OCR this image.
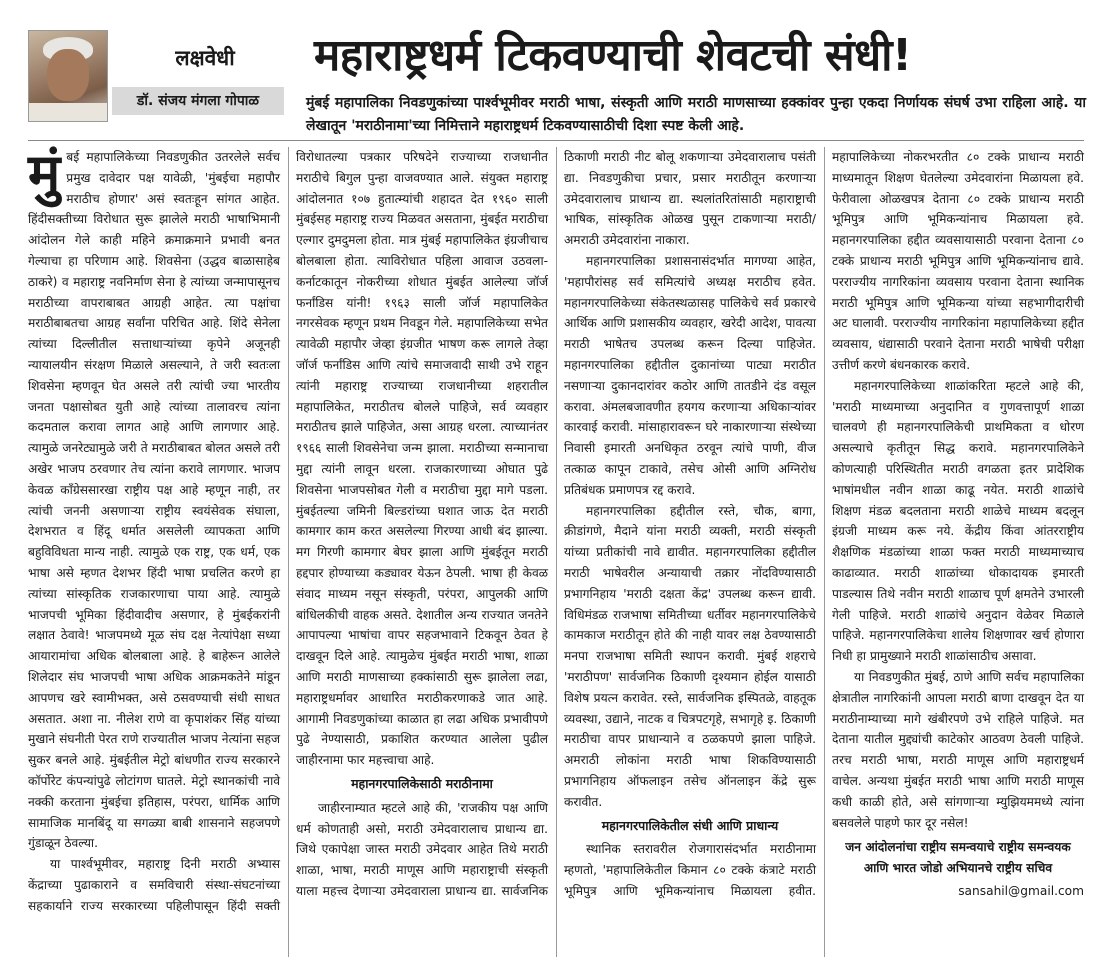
लक्षवेधी
डॉ. संजय मंगला गोपाळ
महाराष्ट्रधर्म टिकवण्याची शेवटची संधी!
मुंबई महापालिका निवडणुकांच्या पार्श्वभूमीवर मराठी भाषा, संस्कृती आणि मराठी माणसाच्या हक्कांवर पुन्हा एकदा निर्णायक संघर्ष उभा राहिला आहे. या लेखातून 'मराठीनामा'च्या निमित्ताने महाराष्ट्रधर्म टिकवण्यासाठीची दिशा स्पष्ट केली आहे.

मुंबई महापालिकेच्या निवडणुकीत उतरलेले सर्वच प्रमुख दावेदार पक्ष यावेळी, 'मुंबईचा महापौर मराठीच होणार' असं स्वतःहून सांगत आहेत. हिंदीसक्तीच्या विरोधात सुरू झालेले मराठी भाषाभिमानी आंदोलन गेले काही महिने क्रमाक्रमाने प्रभावी बनत गेल्याचा हा परिणाम आहे. शिवसेना (उद्धव बाळासाहेब ठाकरे) व महाराष्ट्र नवनिर्माण सेना हे त्यांच्या जन्मापासूनच मराठीच्या वापराबाबत आग्रही आहेत. त्या पक्षांचा मराठीबाबतचा आग्रह सर्वांना परिचित आहे. शिंदे सेनेला त्यांच्या दिल्लीतील सत्ताधाऱ्यांच्या कृपेने अजूनही न्यायालयीन संरक्षण मिळाले असल्याने, ते जरी स्वतःला शिवसेना म्हणवून घेत असले तरी त्यांची ज्या भारतीय जनता पक्षासोबत युती आहे त्यांच्या तालावरच त्यांना कदमताल करावा लागत आहे आणि लागणार आहे. त्यामुळे जनरेट्यामुळे जरी ते मराठीबाबत बोलत असले तरी अखेर भाजप ठरवणार तेच त्यांना करावे लागणार. भाजप केवळ काँग्रेससारखा राष्ट्रीय पक्ष आहे म्हणून नाही, तर त्यांची जननी असणाऱ्या राष्ट्रीय स्वयंसेवक संघाला, देशभरात व हिंदू धर्मात असलेली व्यापकता आणि बहुविविधता मान्य नाही. त्यामुळे एक राष्ट्र, एक धर्म, एक भाषा असे म्हणत देशभर हिंदी भाषा प्रचलित करणे हा त्यांच्या सांस्कृतिक राजकारणाचा पाया आहे. त्यामुळे भाजपची भूमिका हिंदीवादीच असणार, हे मुंबईकरांनी लक्षात ठेवावे! भाजपमध्ये मूळ संघ दक्ष नेत्यांपेक्षा सध्या आयारामांचा अधिक बोलबाला आहे. हे बाहेरून आलेले शिलेदार संघ भाजपची भाषा अधिक आक्रमकतेने मांडून आपणच खरे स्वामीभक्त, असे ठसवण्याची संधी साधत असतात. अशा ना. नीलेश राणे वा कृपाशंकर सिंह यांच्या मुखाने संघनीती पेरत राणे राज्यातील भाजप नेत्यांना सहज सुकर बनले आहे. मुंबईतील मेट्रो बांधणीत राज्य सरकारने कॉर्पोरेट कंपन्यांपुढे लोटांगण घातले. मेट्रो स्थानकांची नावे नक्की करताना मुंबईचा इतिहास, परंपरा, धार्मिक आणि सामाजिक मानबिंदू या सगळ्या बाबी शासनाने सहजपणे गुंडाळून ठेवल्या.

या पार्श्वभूमीवर, महाराष्ट्र दिनी मराठी अभ्यास केंद्राच्या पुढाकाराने व समविचारी संस्था-संघटनांच्या सहकार्याने राज्य सरकारच्या पहिलीपासून हिंदी सक्ती विरोधातल्या पत्रकार परिषदेने राज्याच्या राजधानीत मराठीचे बिगुल पुन्हा वाजवण्यात आले. संयुक्त महाराष्ट्र आंदोलनात १०७ हुतात्म्यांची शहादत देत १९६० साली मुंबईसह महाराष्ट्र राज्य मिळवत असताना, मुंबईत मराठीचा एल्गार दुमदुमला होता. मात्र मुंबई महापालिकेत इंग्रजीचाच बोलबाला होता. त्याविरोधात पहिला आवाज उठवला- कर्नाटकातून नोकरीच्या शोधात मुंबईत आलेल्या जॉर्ज फर्नांडिस यांनी! १९६३ साली जॉर्ज महापालिकेत नगरसेवक म्हणून प्रथम निवडून गेले. महापालिकेच्या सभेत त्यावेळी महापौर जेव्हा इंग्रजीत भाषण करू लागले तेव्हा जॉर्ज फर्नांडिस आणि त्यांचे समाजवादी साथी उभे राहून त्यांनी महाराष्ट्र राज्याच्या राजधानीच्या शहरातील महापालिकेत, मराठीतच बोलले पाहिजे, सर्व व्यवहार मराठीतच झाले पाहिजेत, असा आग्रह धरला. त्याच्यानंतर १९६६ साली शिवसेनेचा जन्म झाला. मराठीच्या सन्मानाचा मुद्दा त्यांनी लावून धरला. राजकारणाच्या ओघात पुढे शिवसेना भाजपसोबत गेली व मराठीचा मुद्दा मागे पडला. मुंबईतल्या जमिनी बिल्डरांच्या घशात जाऊ देत मराठी कामगार काम करत असलेल्या गिरण्या आधी बंद झाल्या. मग गिरणी कामगार बेघर झाला आणि मुंबईतून मराठी हद्दपार होण्याच्या कड्यावर येऊन ठेपली. भाषा ही केवळ संवाद माध्यम नसून संस्कृती, परंपरा, आपुलकी आणि बांधिलकीची वाहक असते. देशातील अन्य राज्यात जनतेने आपापल्या भाषांचा वापर सहजभावाने टिकवून ठेवत हे दाखवून दिले आहे. त्यामुळेच मुंबईत मराठी भाषा, शाळा आणि मराठी माणसाच्या हक्कांसाठी सुरू झालेला लढा, महाराष्ट्रधर्मावर आधारित मराठीकरणाकडे जात आहे. आगामी निवडणुकांच्या काळात हा लढा अधिक प्रभावीपणे पुढे नेण्यासाठी, प्रकाशित करण्यात आलेला पुढील जाहीरनामा फार महत्त्वाचा आहे.

महानगरपालिकेसाठी मराठीनामा

जाहीरनाम्यात म्हटले आहे की, 'राजकीय पक्ष आणि धर्म कोणताही असो, मराठी उमेदवारालाच प्राधान्य द्या. जिथे एकापेक्षा जास्त मराठी उमेदवार आहेत तिथे मराठी शाळा, भाषा, मराठी माणूस आणि महाराष्ट्राची संस्कृती याला महत्त्व देणाऱ्या उमेदवाराला प्राधान्य द्या. सार्वजनिक ठिकाणी मराठी नीट बोलू शकणाऱ्या उमेदवारालाच पसंती द्या. निवडणुकीचा प्रचार, प्रसार मराठीतून करणाऱ्या उमेदवारालाच प्राधान्य द्या. स्थलांतरितांसाठी महाराष्ट्राची भाषिक, सांस्कृतिक ओळख पुसून टाकणाऱ्या मराठी/अमराठी उमेदवारांना नाकारा.

महानगरपालिका प्रशासनासंदर्भात मागण्या आहेत, 'महापौरांसह सर्व समित्यांचे अध्यक्ष मराठीच हवेत. महानगरपालिकेच्या संकेतस्थळासह पालिकेचे सर्व प्रकारचे आर्थिक आणि प्रशासकीय व्यवहार, खरेदी आदेश, पावत्या मराठी भाषेतच उपलब्ध करून दिल्या पाहिजेत. महानगरपालिका हद्दीतील दुकानांच्या पाट्या मराठीत नसणाऱ्या दुकानदारांवर कठोर आणि तातडीने दंड वसूल करावा. अंमलबजावणीत हयगय करणाऱ्या अधिकाऱ्यांवर कारवाई करावी. मांसाहारावरून घरे नाकारणाऱ्या संस्थेच्या निवासी इमारती अनधिकृत ठरवून त्यांचे पाणी, वीज तत्काळ कापून टाकावे, तसेच ओसी आणि अग्निरोध प्रतिबंधक प्रमाणपत्र रद्द करावे.

महानगरपालिका हद्दीतील रस्ते, चौक, बागा, क्रीडांगणे, मैदाने यांना मराठी व्यक्ती, मराठी संस्कृती यांच्या प्रतीकांची नावे द्यावीत. महानगरपालिका हद्दीतील मराठी भाषेवरील अन्यायाची तक्रार नोंदविण्यासाठी प्रभागनिहाय 'मराठी दक्षता केंद्र' उपलब्ध करून द्यावी. विधिमंडळ राजभाषा समितीच्या धर्तीवर महानगरपालिकेचे कामकाज मराठीतून होते की नाही यावर लक्ष ठेवण्यासाठी मनपा राजभाषा समिती स्थापन करावी. मुंबई शहराचे 'मराठीपण' सार्वजनिक ठिकाणी दृश्यमान होईल यासाठी विशेष प्रयत्न करावेत. रस्ते, सार्वजनिक इस्पितळे, वाहतूक व्यवस्था, उद्याने, नाटक व चित्रपटगृहे, सभागृहे इ. ठिकाणी मराठीचा वापर प्राधान्याने व ठळकपणे झाला पाहिजे. अमराठी लोकांना मराठी भाषा शिकविण्यासाठी प्रभागनिहाय ऑफलाइन तसेच ऑनलाइन केंद्रे सुरू करावीत.

महानगरपालिकेतील संधी आणि प्राधान्य

स्थानिक स्तरावरील रोजगारासंदर्भात मराठीनामा म्हणतो, 'महापालिकेतील किमान ८० टक्के कंत्राटे मराठी भूमिपुत्र आणि भूमिकन्यांनाच मिळायला हवीत. महापालिकेच्या नोकरभरतीत ८० टक्के प्राधान्य मराठी माध्यमातून शिक्षण घेतलेल्या उमेदवारांना मिळायला हवे. फेरीवाला ओळखपत्र देताना ८० टक्के प्राधान्य मराठी भूमिपुत्र आणि भूमिकन्यांनाच मिळायला हवे. महानगरपालिका हद्दीत व्यवसायासाठी परवाना देताना ८० टक्के प्राधान्य मराठी भूमिपुत्र आणि भूमिकन्यांनाच द्यावे. परराज्यीय नागरिकांना व्यवसाय परवाना देताना स्थानिक मराठी भूमिपुत्र आणि भूमिकन्या यांच्या सहभागीदारीची अट घालावी. परराज्यीय नागरिकांना महापालिकेच्या हद्दीत व्यवसाय, धंद्यासाठी परवाने देताना मराठी भाषेची परीक्षा उत्तीर्ण करणे बंधनकारक करावे.

महानगरपालिकेच्या शाळांकरिता म्हटले आहे की, 'मराठी माध्यमाच्या अनुदानित व गुणवत्तापूर्ण शाळा चालवणे ही महानगरपालिकेची प्राथमिकता व धोरण असल्याचे कृतीतून सिद्ध करावे. महानगरपालिकेने कोणत्याही परिस्थितीत मराठी वगळता इतर प्रादेशिक भाषांमधील नवीन शाळा काढू नयेत. मराठी शाळांचे शिक्षण मंडळ बदलताना मराठी शाळेचे माध्यम बदलून इंग्रजी माध्यम करू नये. केंद्रीय किंवा आंतरराष्ट्रीय शैक्षणिक मंडळांच्या शाळा फक्त मराठी माध्यमाच्याच काढाव्यात. मराठी शाळांच्या धोकादायक इमारती पाडल्यास तिथे नवीन मराठी शाळाच पूर्ण क्षमतेने उभारली गेली पाहिजे. मराठी शाळांचे अनुदान वेळेवर मिळाले पाहिजे. महानगरपालिकेचा शालेय शिक्षणावर खर्च होणारा निधी हा प्रामुख्याने मराठी शाळांसाठीच असावा.

या निवडणुकीत मुंबई, ठाणे आणि सर्वच महापालिका क्षेत्रातील नागरिकांनी आपला मराठी बाणा दाखवून देत या मराठीनाम्याच्या मागे खंबीरपणे उभे राहिले पाहिजे. मत देताना यातील मुद्द्यांची काटेकोर आठवण ठेवली पाहिजे. तरच मराठी भाषा, मराठी माणूस आणि महाराष्ट्रधर्म वाचेल. अन्यथा मुंबईत मराठी भाषा आणि मराठी माणूस कधी काळी होते, असे सांगणाऱ्या म्युझियममध्ये त्यांना बसवलेले पाहणे फार दूर नसेल!

जन आंदोलनांचा राष्ट्रीय समन्वयाचे राष्ट्रीय समन्वयक आणि भारत जोडो अभियानचे राष्ट्रीय सचिव
sansahil@gmail.com
